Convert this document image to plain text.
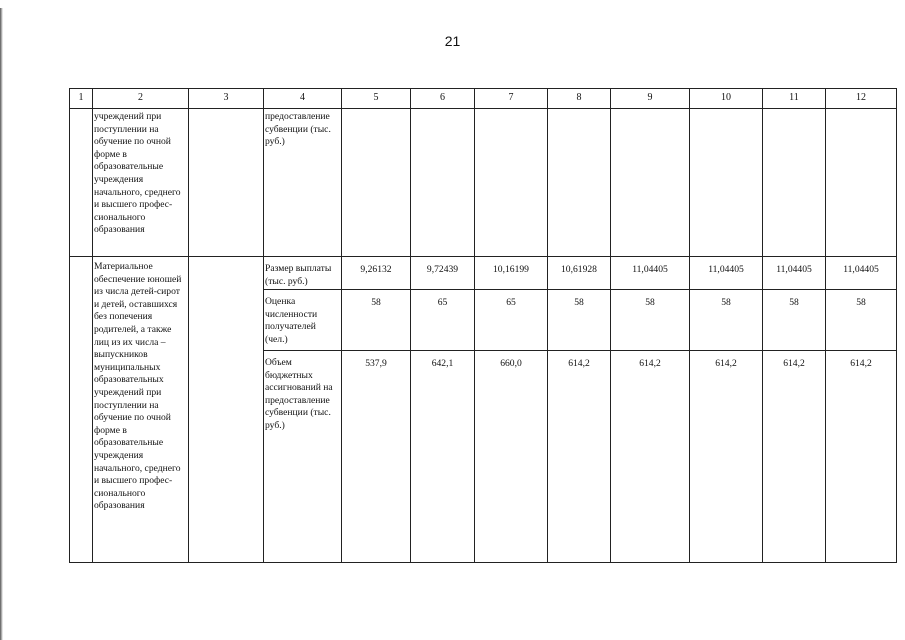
21
1	2	3	4	5	6	7	8	9	10	11	12

	учреждений при поступлении на обучение по очной форме в образовательные учреждения начального, среднего и высшего профес-сионального образования		предоставление субвенции (тыс. руб.)								

	Материальное обеспечение юношей из числа детей-сирот и детей, оставшихся без попечения родителей, а также лиц из их числа – выпускников муниципальных образовательных учреждений при поступлении на обучение по очной форме в образовательные учреждения начального, среднего и высшего профес-сионального образования		Размер выплаты (тыс. руб.)	9,26132	9,72439	10,16199	10,61928	11,04405	11,04405	11,04405	11,04405

			Оценка численности получателей (чел.)	58	65	65	58	58	58	58	58

			Объем бюджетных ассигнований на предоставление субвенции (тыс. руб.)	537,9	642,1	660,0	614,2	614,2	614,2	614,2	614,2
